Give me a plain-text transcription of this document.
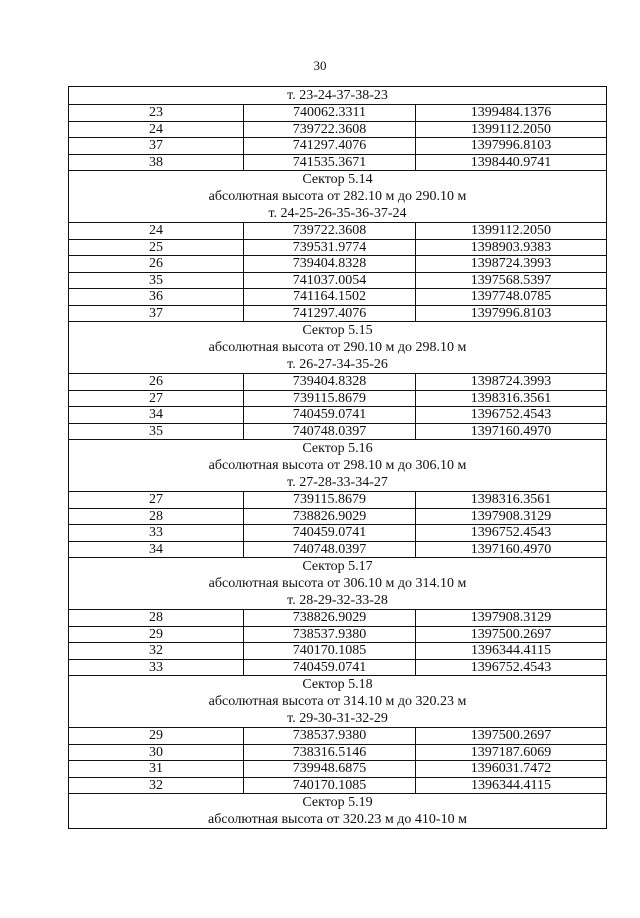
30
т. 23-24-37-38-23		

23	740062.3311	1399484.1376
24	739722.3608	1399112.2050
37	741297.4076	1397996.8103
38	741535.3671	1398440.9741

Сектор 5.14
абсолютная высота от 282.10 м до 290.10 м
т. 24-25-26-35-36-37-24		

24	739722.3608	1399112.2050
25	739531.9774	1398903.9383
26	739404.8328	1398724.3993
35	741037.0054	1397568.5397
36	741164.1502	1397748.0785
37	741297.4076	1397996.8103

Сектор 5.15
абсолютная высота от 290.10 м до 298.10 м
т. 26-27-34-35-26		

26	739404.8328	1398724.3993
27	739115.8679	1398316.3561
34	740459.0741	1396752.4543
35	740748.0397	1397160.4970

Сектор 5.16
абсолютная высота от 298.10 м до 306.10 м
т. 27-28-33-34-27		

27	739115.8679	1398316.3561
28	738826.9029	1397908.3129
33	740459.0741	1396752.4543
34	740748.0397	1397160.4970

Сектор 5.17
абсолютная высота от 306.10 м до 314.10 м
т. 28-29-32-33-28		

28	738826.9029	1397908.3129
29	738537.9380	1397500.2697
32	740170.1085	1396344.4115
33	740459.0741	1396752.4543

Сектор 5.18
абсолютная высота от 314.10 м до 320.23 м
т. 29-30-31-32-29		

29	738537.9380	1397500.2697
30	738316.5146	1397187.6069
31	739948.6875	1396031.7472
32	740170.1085	1396344.4115

Сектор 5.19
абсолютная высота от 320.23 м до 410-10 м		
